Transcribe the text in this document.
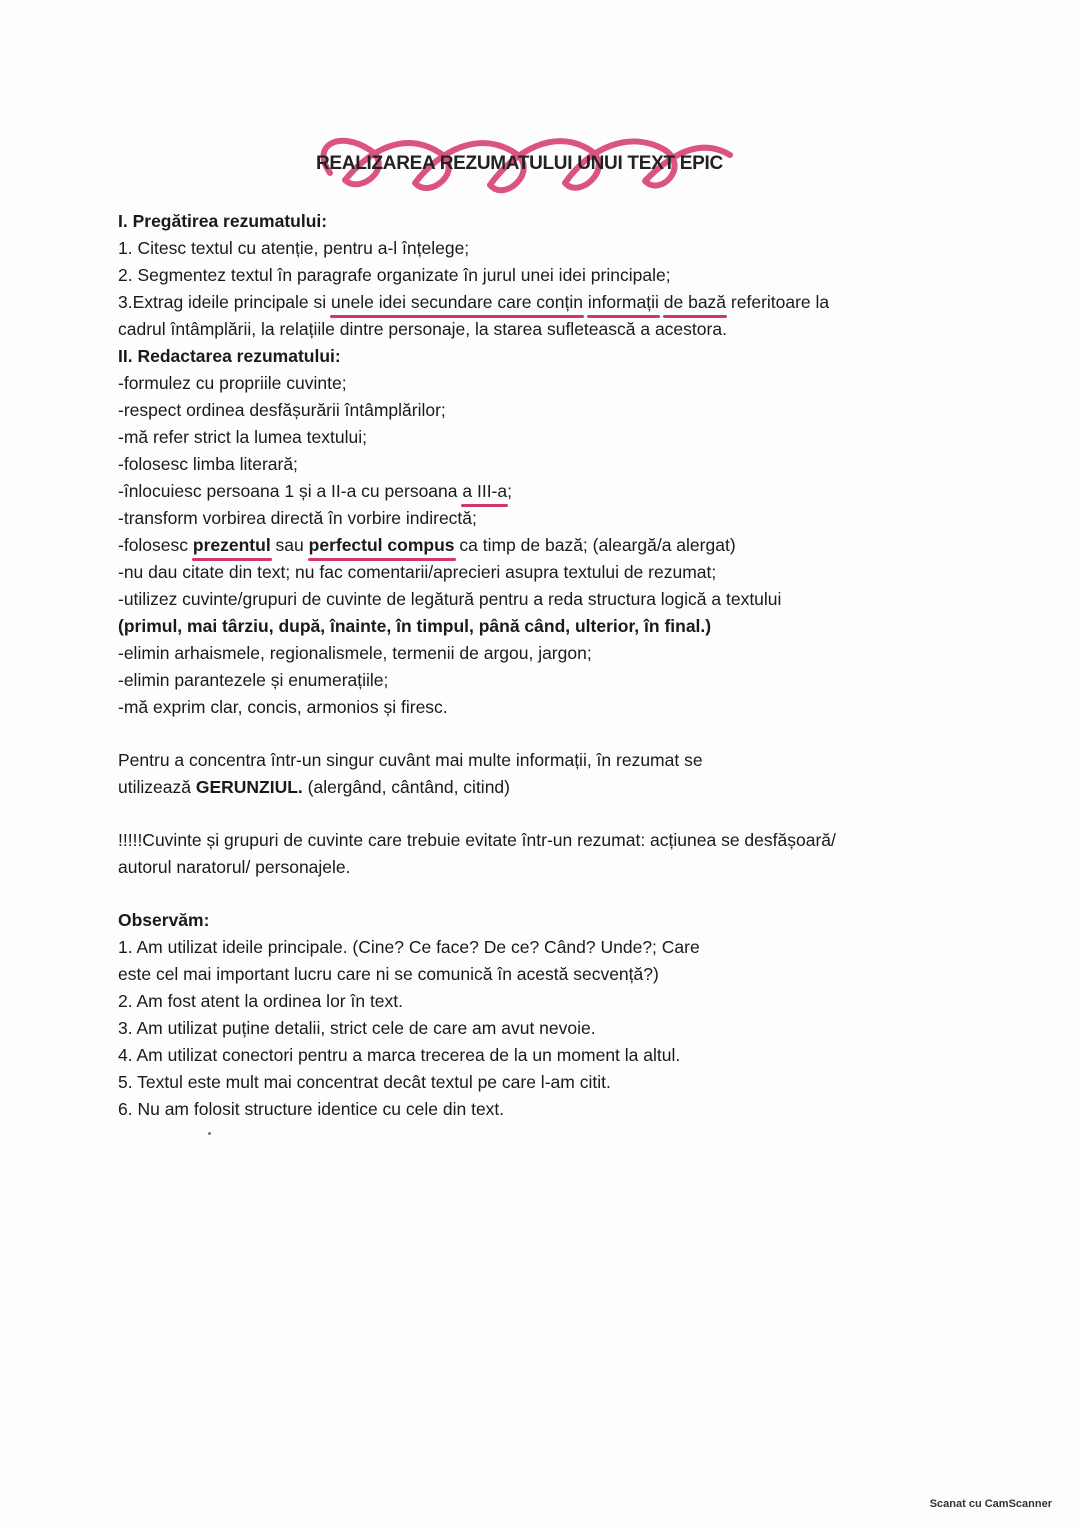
REALIZAREA REZUMATULUI UNUI TEXT EPIC
I. Pregătirea rezumatului:
1. Citesc textul cu atenție, pentru a-l înțelege;
2. Segmentez textul în paragrafe organizate în jurul unei idei principale;
3.Extrag ideile principale si unele idei secundare care conțin informații de bază referitoare la
cadrul întâmplării, la relațiile dintre personaje, la starea sufletească a acestora.
II. Redactarea rezumatului:
-formulez cu propriile cuvinte;
-respect ordinea desfășurării întâmplărilor;
-mă refer strict la lumea textului;
-folosesc limba literară;
-înlocuiesc persoana 1 și a II-a cu persoana a III-a;
-transform vorbirea directă în vorbire indirectă;
-folosesc prezentul sau perfectul compus ca timp de bază; (aleargă/a alergat)
-nu dau citate din text; nu fac comentarii/aprecieri asupra textului de rezumat;
-utilizez cuvinte/grupuri de cuvinte de legătură pentru a reda structura logică a textului
(primul, mai târziu, după, înainte, în timpul, până când, ulterior, în final.)
-elimin arhaismele, regionalismele, termenii de argou, jargon;
-elimin parantezele și enumerațiile;
-mă exprim clar, concis, armonios și firesc.
Pentru a concentra într-un singur cuvânt mai multe informații, în rezumat se
utilizează GERUNZIUL. (alergând, cântând, citind)
!!!!!Cuvinte și grupuri de cuvinte care trebuie evitate într-un rezumat: acțiunea se desfășoară/
autorul naratorul/ personajele.
Observăm:
1. Am utilizat ideile principale. (Cine? Ce face? De ce? Când? Unde?; Care
este cel mai important lucru care ni se comunică în acestă secvență?)
2. Am fost atent la ordinea lor în text.
3. Am utilizat puține detalii, strict cele de care am avut nevoie.
4. Am utilizat conectori pentru a marca trecerea de la un moment la altul.
5. Textul este mult mai concentrat decât textul pe care l-am citit.
6. Nu am folosit structure identice cu cele din text.
Scanat cu CamScanner
